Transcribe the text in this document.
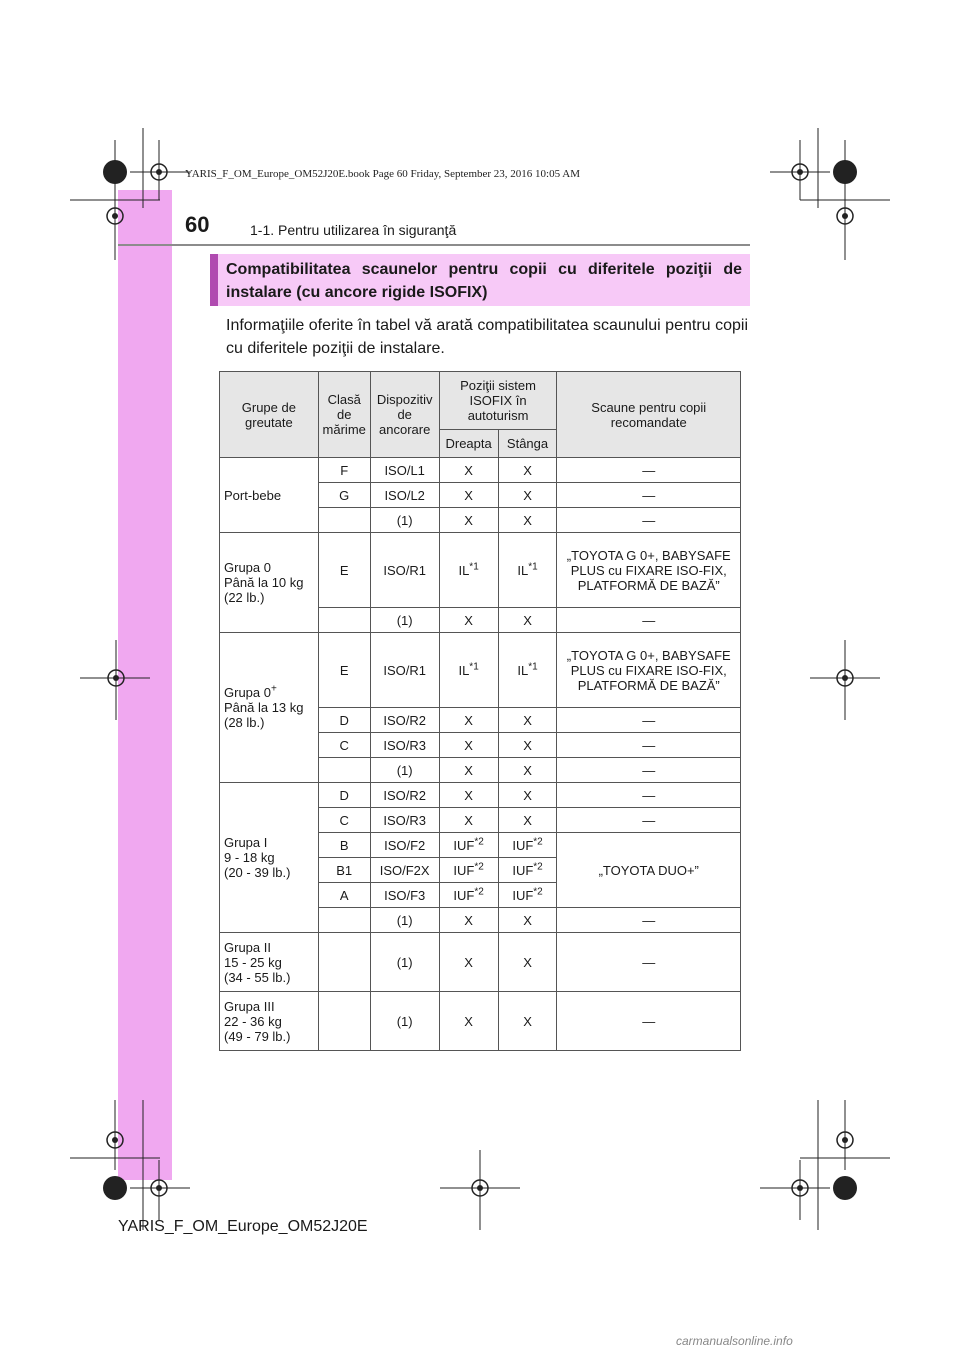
YARIS_F_OM_Europe_OM52J20E.book Page 60 Friday, September 23, 2016 10:05 AM
60	1-1. Pentru utilizarea în siguranţă
Compatibilitatea scaunelor pentru copii cu diferitele poziţii de instalare (cu ancore rigide ISOFIX)
Informaţiile oferite în tabel vă arată compatibilitatea scaunului pentru copii cu diferitele poziţii de instalare.
Grupe de greutate	Clasă de mărime	Dispozitiv de ancorare	Poziţii sistem ISOFIX în autoturism		Scaune pentru copii recomandate
			Dreapta	Stânga	
Port-bebe	F	ISO/L1	X	X	—
	G	ISO/L2	X	X	—
		(1)	X	X	—
Grupa 0
Până la 10 kg
(22 lb.)	E	ISO/R1	IL$^{*1}$	IL$^{*1}$	„TOYOTA G 0+, BABYSAFE PLUS cu FIXARE ISO-FIX, PLATFORMĂ DE BAZĂ”
		(1)	X	X	—
Grupa 0+
Până la 13 kg
(28 lb.)	E	ISO/R1	IL$^{*1}$	IL$^{*1}$	„TOYOTA G 0+, BABYSAFE PLUS cu FIXARE ISO-FIX, PLATFORMĂ DE BAZĂ”
	D	ISO/R2	X	X	—
	C	ISO/R3	X	X	—
		(1)	X	X	—
Grupa I
9 - 18 kg
(20 - 39 lb.)	D	ISO/R2	X	X	—
	C	ISO/R3	X	X	—
	B	ISO/F2	IUF$^{*2}$	IUF$^{*2}$	„TOYOTA DUO+”
	B1	ISO/F2X	IUF$^{*2}$	IUF$^{*2}$
	A	ISO/F3	IUF$^{*2}$	IUF$^{*2}$
		(1)	X	X	—
Grupa II
15 - 25 kg
(34 - 55 lb.)		(1)	X	X	—
Grupa III
22 - 36 kg
(49 - 79 lb.)		(1)	X	X	—
YARIS_F_OM_Europe_OM52J20E
carmanualsonline.info
